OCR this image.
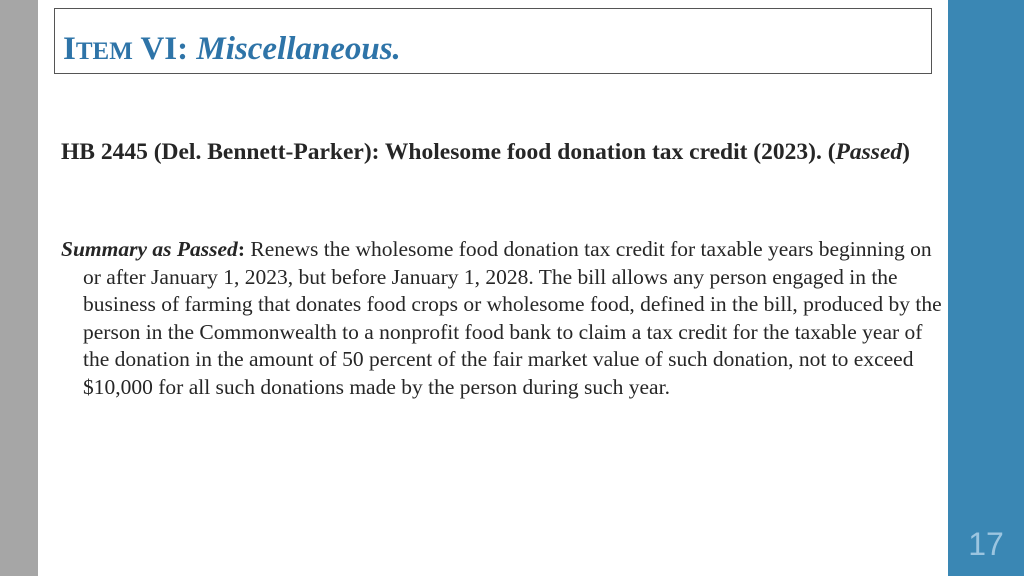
ITEM VI: Miscellaneous.

HB 2445 (Del. Bennett-Parker): Wholesome food donation tax credit (2023). (Passed)

Summary as Passed: Renews the wholesome food donation tax credit for taxable years beginning on or after January 1, 2023, but before January 1, 2028. The bill allows any person engaged in the business of farming that donates food crops or wholesome food, defined in the bill, produced by the person in the Commonwealth to a nonprofit food bank to claim a tax credit for the taxable year of the donation in the amount of 50 percent of the fair market value of such donation, not to exceed $10,000 for all such donations made by the person during such year.

17
